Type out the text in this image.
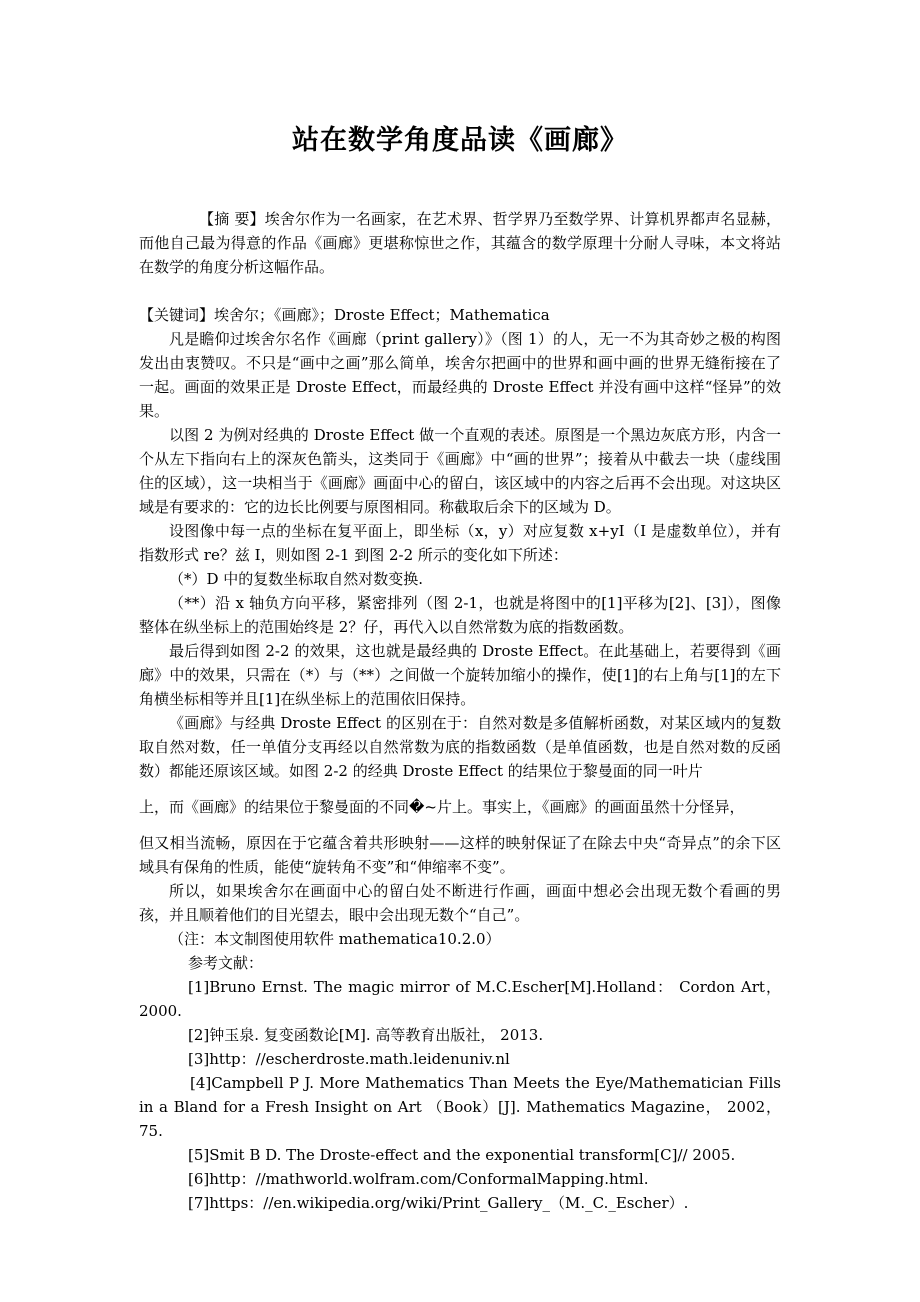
站在数学角度品读《画廊》

【摘 要】埃舍尔作为一名画家，在艺术界、哲学界乃至数学界、计算机界都声名显赫，而他自己最为得意的作品《画廊》更堪称惊世之作，其蕴含的数学原理十分耐人寻味，本文将站在数学的角度分析这幅作品。

【关键词】埃舍尔；《画廊》；Droste Effect；Mathematica

凡是瞻仰过埃舍尔名作《画廊（print gallery）》（图 1）的人，无一不为其奇妙之极的构图发出由衷赞叹。不只是“画中之画”那么简单，埃舍尔把画中的世界和画中画的世界无缝衔接在了一起。画面的效果正是 Droste Effect，而最经典的 Droste Effect 并没有画中这样“怪异”的效果。

以图 2 为例对经典的 Droste Effect 做一个直观的表述。原图是一个黑边灰底方形，内含一个从左下指向右上的深灰色箭头，这类同于《画廊》中“画的世界”；接着从中截去一块（虚线围住的区域），这一块相当于《画廊》画面中心的留白，该区域中的内容之后再不会出现。对这块区域是有要求的：它的边长比例要与原图相同。称截取后余下的区域为 D。

设图像中每一点的坐标在复平面上，即坐标（x，y）对应复数 x+yI（I 是虚数单位），并有指数形式 re？兹 I，则如图 2-1 到图 2-2 所示的变化如下所述：

（*）D 中的复数坐标取自然对数变换.

（**）沿 x 轴负方向平移，紧密排列（图 2-1，也就是将图中的[1]平移为[2]、[3]），图像整体在纵坐标上的范围始终是 2？仔，再代入以自然常数为底的指数函数。

最后得到如图 2-2 的效果，这也就是最经典的 Droste Effect。在此基础上，若要得到《画廊》中的效果，只需在（*）与（**）之间做一个旋转加缩小的操作，使[1]的右上角与[1]的左下角横坐标相等并且[1]在纵坐标上的范围依旧保持。

《画廊》与经典 Droste Effect 的区别在于：自然对数是多值解析函数，对某区域内的复数取自然对数，任一单值分支再经以自然常数为底的指数函数（是单值函数，也是自然对数的反函数）都能还原该区域。如图 2-2 的经典 Droste Effect 的结果位于黎曼面的同一叶片

上，而《画廊》的结果位于黎曼面的不同�~片上。事实上，《画廊》的画面虽然十分怪异，

但又相当流畅，原因在于它蕴含着共形映射——这样的映射保证了在除去中央“奇异点”的余下区域具有保角的性质，能使“旋转角不变”和“伸缩率不变”。

所以，如果埃舍尔在画面中心的留白处不断进行作画，画面中想必会出现无数个看画的男孩，并且顺着他们的目光望去，眼中会出现无数个“自己”。

（注：本文制图使用软件 mathematica10.2.0）

参考文献：

[1]Bruno Ernst. The magic mirror of M.C.Escher[M].Holland： Cordon Art， 2000.

[2]钟玉泉. 复变函数论[M]. 高等教育出版社， 2013.

[3]http：//escherdroste.math.leidenuniv.nl

[4]Campbell P J. More Mathematics Than Meets the Eye/Mathematician Fills in a Bland for a Fresh Insight on Art （Book）[J]. Mathematics Magazine， 2002， 75.

[5]Smit B D. The Droste-effect and the exponential transform[C]// 2005.

[6]http：//mathworld.wolfram.com/ConformalMapping.html.

[7]https：//en.wikipedia.org/wiki/Print_Gallery_（M._C._Escher）.
